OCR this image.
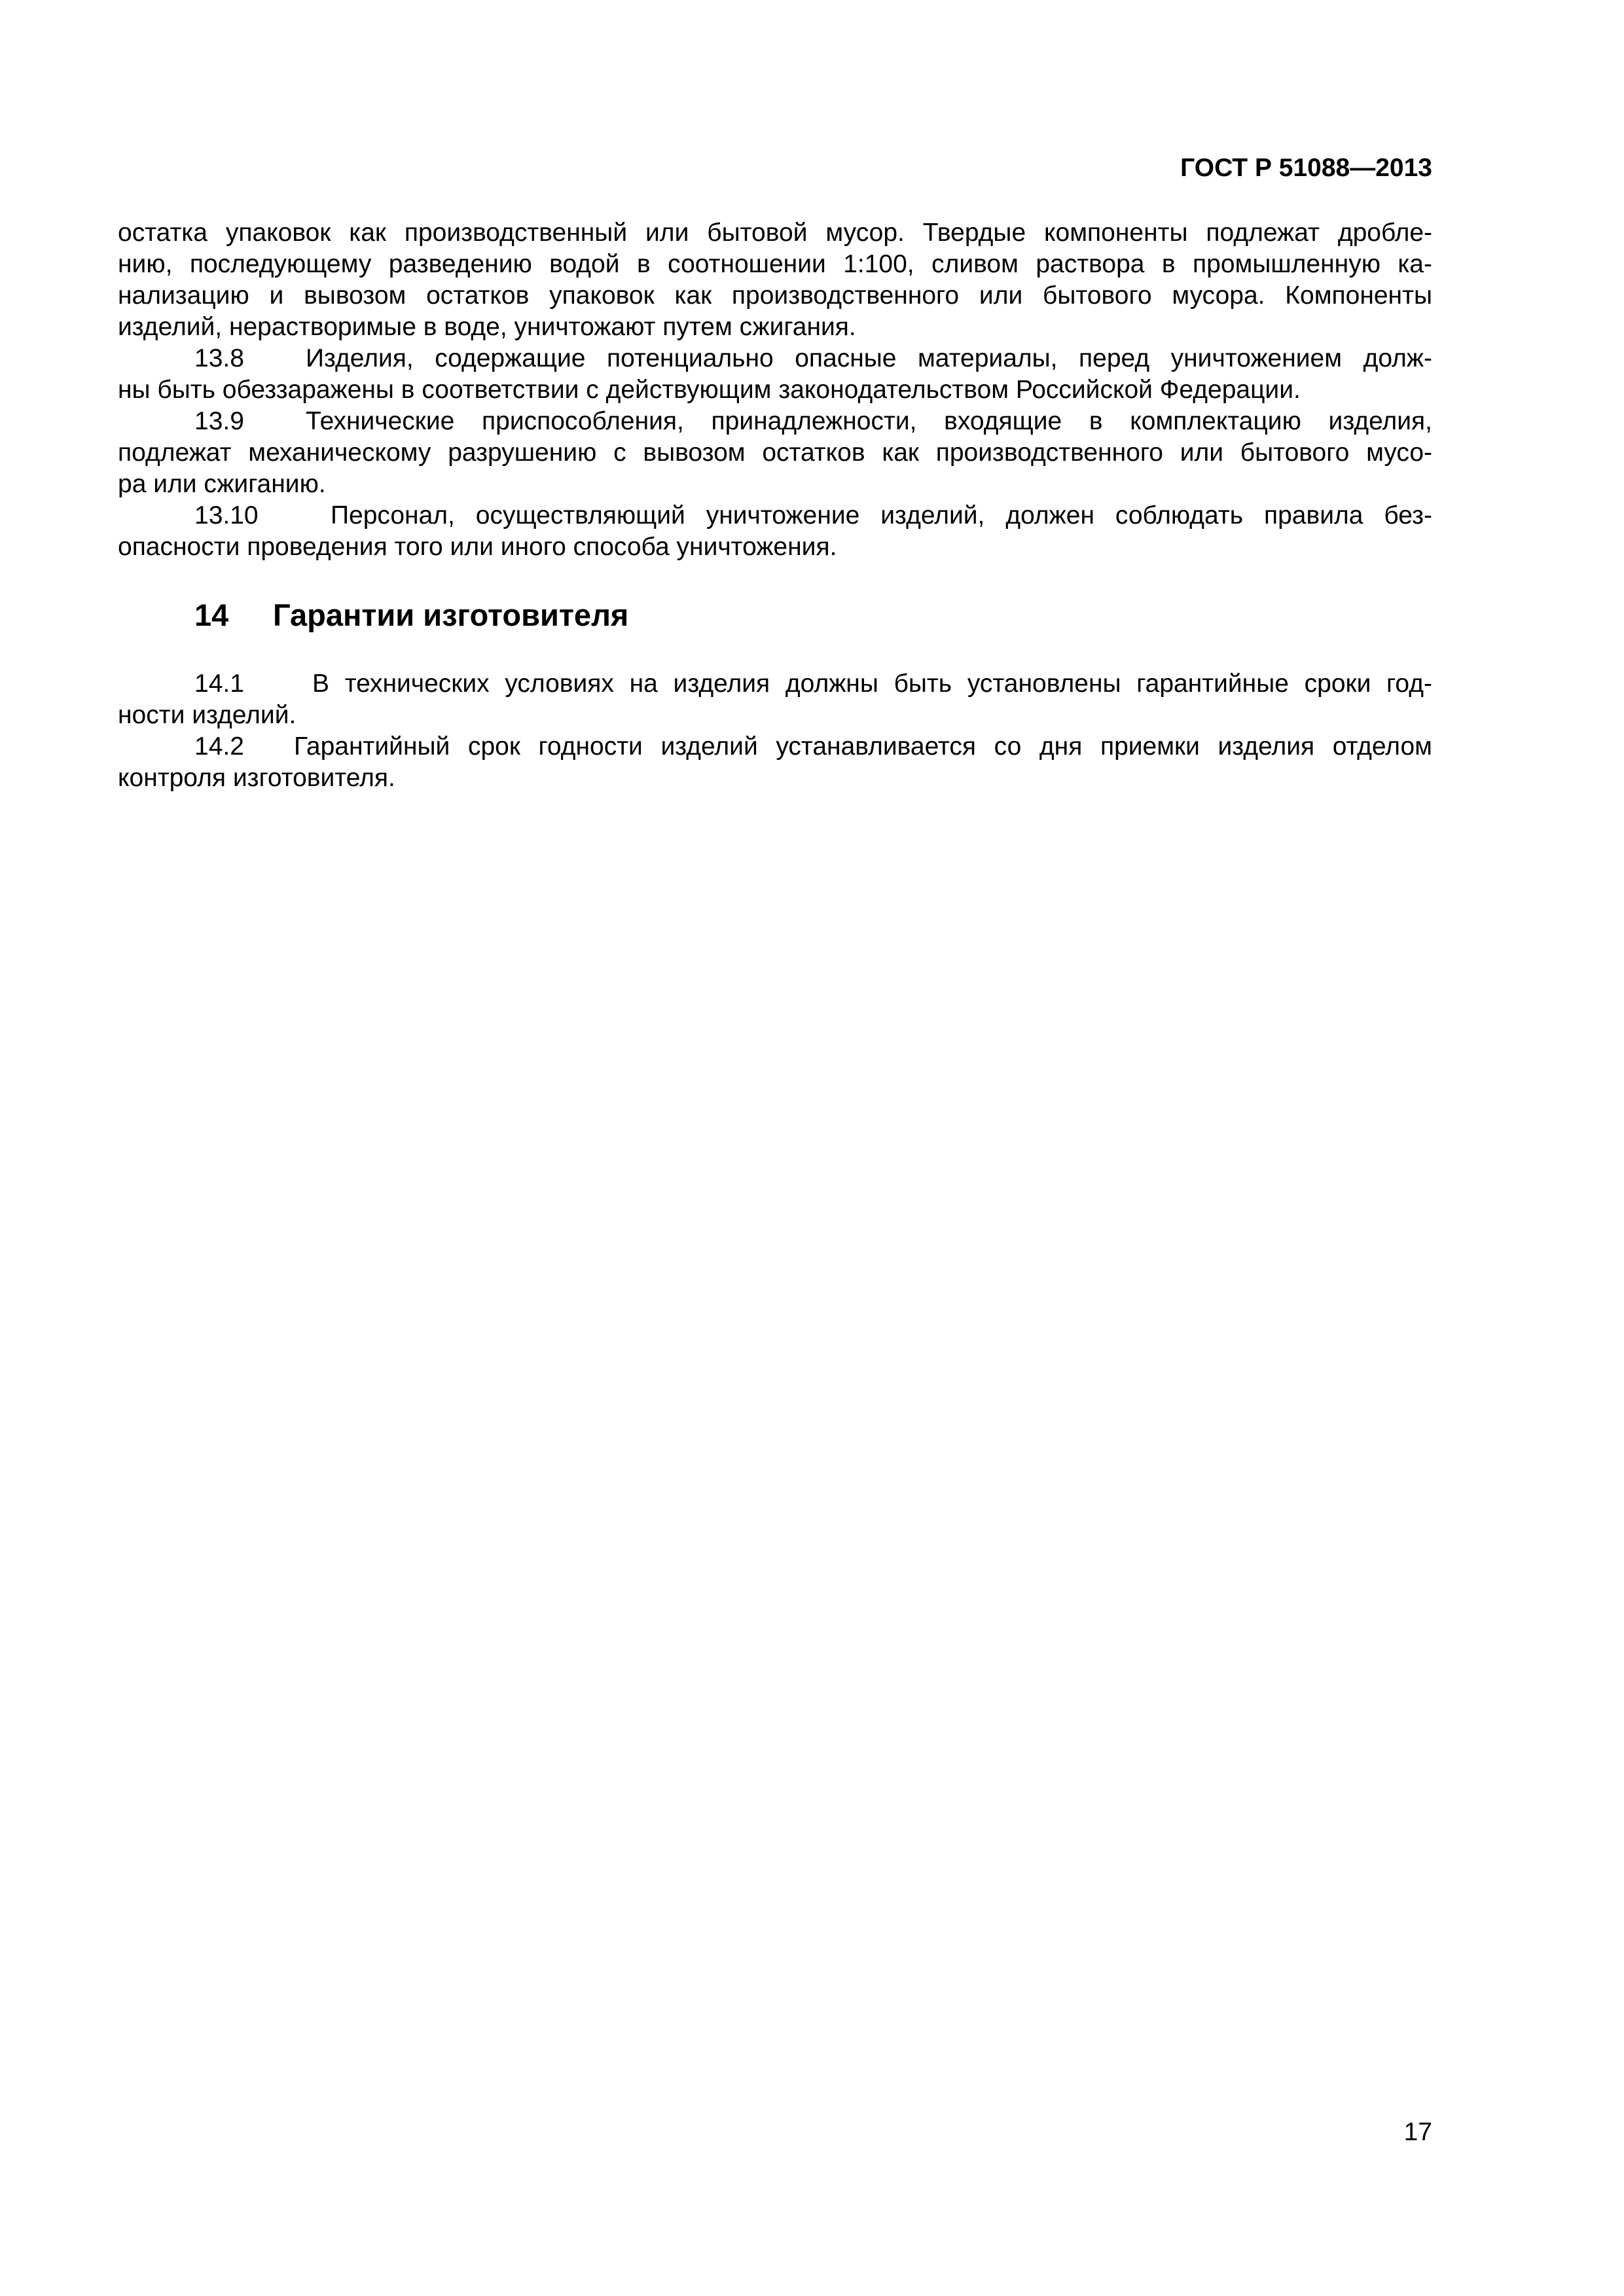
ГОСТ Р 51088—2013
остатка упаковок как производственный или бытовой мусор. Твердые компоненты подлежат дробле-
нию, последующему разведению водой в соотношении 1:100, сливом раствора в промышленную ка-
нализацию и вывозом остатков упаковок как производственного или бытового мусора. Компоненты
изделий, нерастворимые в воде, уничтожают путем сжигания.
13.8 Изделия, содержащие потенциально опасные материалы, перед уничтожением долж-
ны быть обеззаражены в соответствии с действующим законодательством Российской Федерации.
13.9 Технические приспособления, принадлежности, входящие в комплектацию изделия,
подлежат механическому разрушению с вывозом остатков как производственного или бытового мусо-
ра или сжиганию.
13.10	Персонал, осуществляющий уничтожение изделий, должен соблюдать правила без-
опасности проведения того или иного способа уничтожения.
14 Гарантии изготовителя
14.1	В технических условиях на изделия должны быть установлены гарантийные сроки год-
ности изделий.
14.2 Гарантийный срок годности изделий устанавливается со дня приемки изделия отделом
контроля изготовителя.
17
